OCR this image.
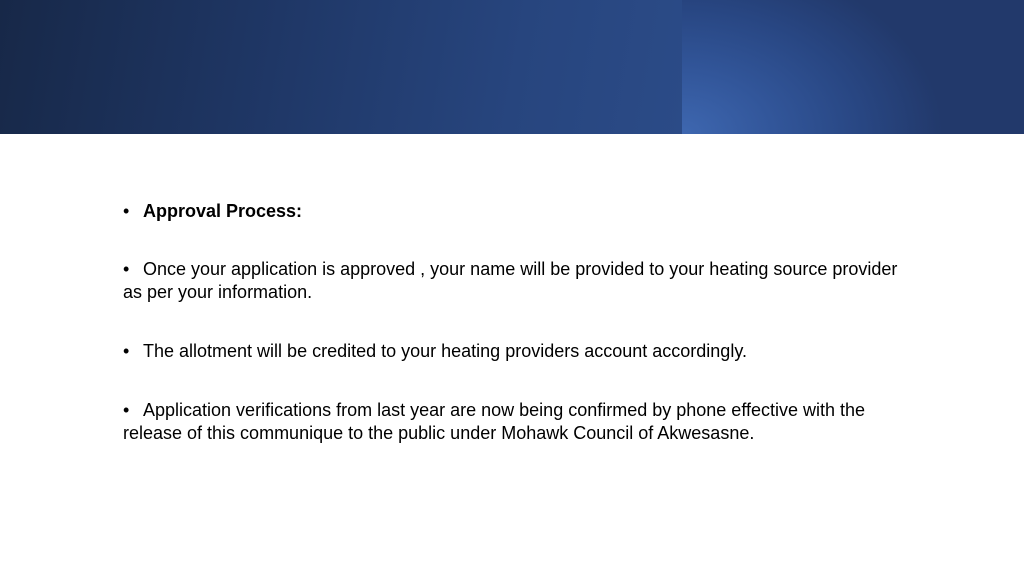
• Approval Process:

• Once your application is approved , your name will be provided to your heating source provider as per your information.

• The allotment will be credited to your heating providers account accordingly.

• Application verifications from last year are now being confirmed by phone effective with the release of this communique to the public under Mohawk Council of Akwesasne.
